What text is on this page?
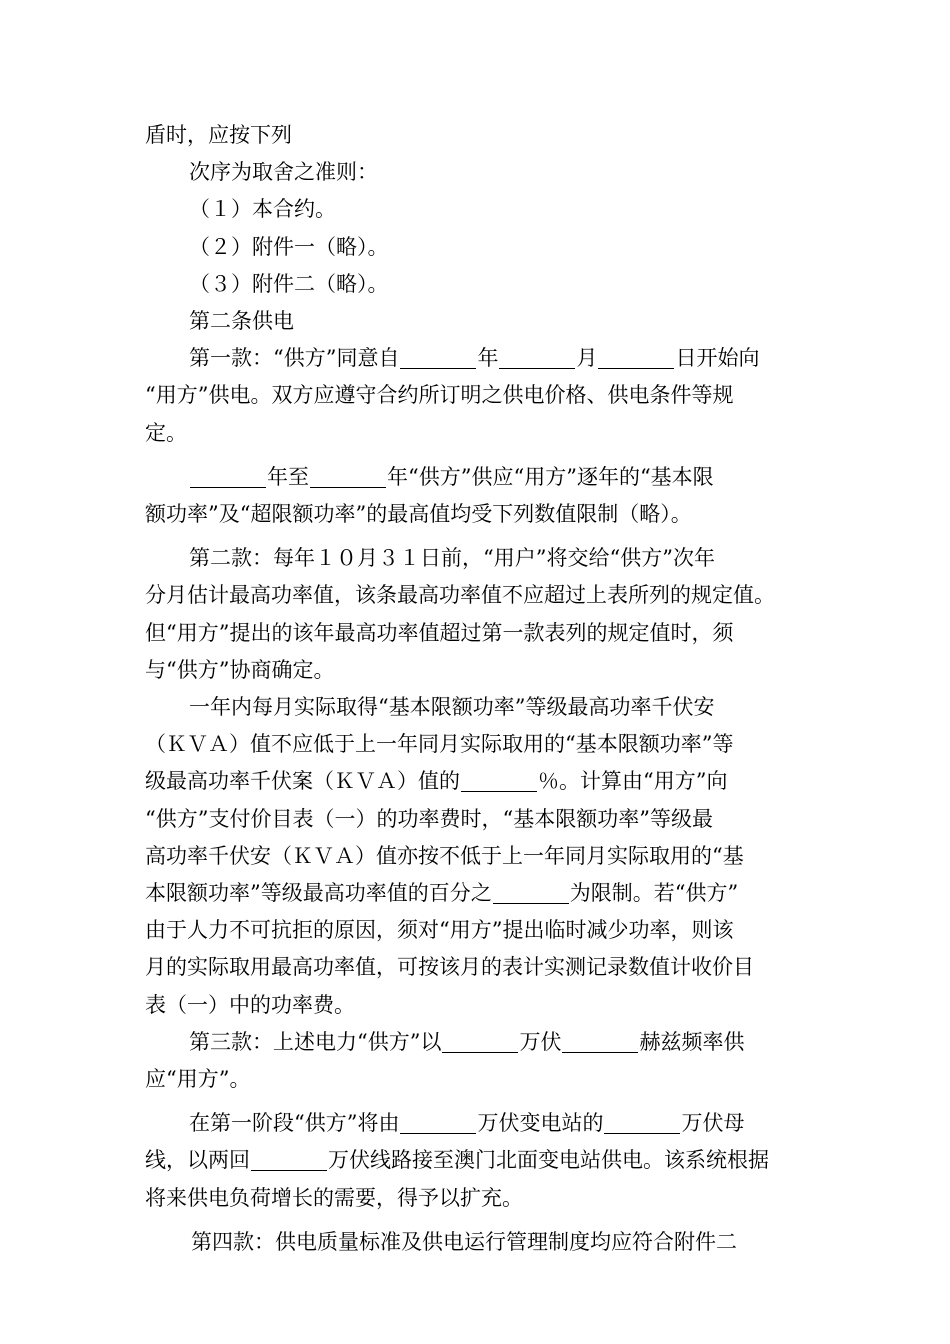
盾时，应按下列

次序为取舍之准则：

（１）本合约。

（２）附件一（略）。

（３）附件二（略）。

第二条供电

第一款：“供方”同意自	年	月	日开始向

“用方”供电。双方应遵守合约所订明之供电价格、供电条件等规

定。

年至	年“供方”供应“用方”逐年的“基本限

额功率”及“超限额功率”的最高值均受下列数值限制（略）。

第二款：每年１０月３１日前，“用户”将交给“供方”次年

分月估计最高功率值，该条最高功率值不应超过上表所列的规定值。

但“用方”提出的该年最高功率值超过第一款表列的规定值时，须

与“供方”协商确定。

一年内每月实际取得“基本限额功率”等级最高功率千伏安

（ＫＶＡ）值不应低于上一年同月实际取用的“基本限额功率”等

级最高功率千伏案（ＫＶＡ）值的	％。计算由“用方”向

“供方”支付价目表（一）的功率费时，“基本限额功率”等级最

高功率千伏安（ＫＶＡ）值亦按不低于上一年同月实际取用的“基

本限额功率”等级最高功率值的百分之	为限制。若“供方”

由于人力不可抗拒的原因，须对“用方”提出临时减少功率，则该

月的实际取用最高功率值，可按该月的表计实测记录数值计收价目

表（一）中的功率费。

第三款：上述电力“供方”以	万伏	赫兹频率供

应“用方”。

在第一阶段“供方”将由	万伏变电站的	万伏母

线，以两回	万伏线路接至澳门北面变电站供电。该系统根据

将来供电负荷增长的需要，得予以扩充。

第四款：供电质量标准及供电运行管理制度均应符合附件二
